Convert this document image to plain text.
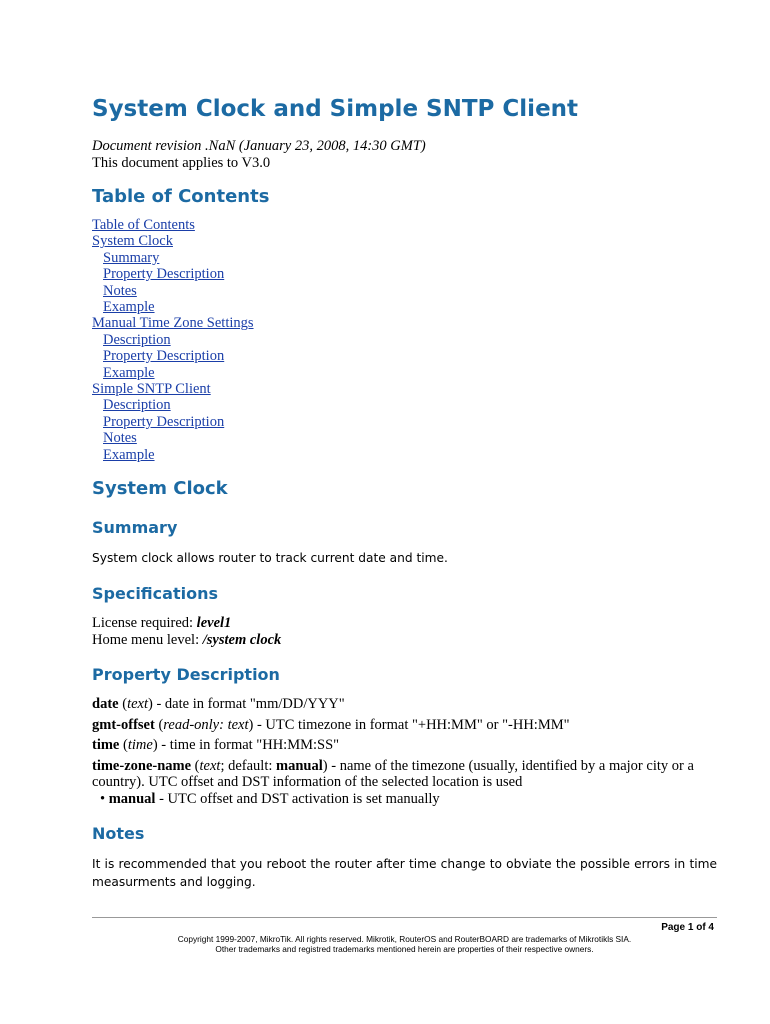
System Clock and Simple SNTP Client
Document revision .NaN (January 23, 2008, 14:30 GMT)
This document applies to V3.0
Table of Contents
Table of Contents
System Clock
Summary
Property Description
Notes
Example
Manual Time Zone Settings
Description
Property Description
Example
Simple SNTP Client
Description
Property Description
Notes
Example
System Clock
Summary
System clock allows router to track current date and time.
Specifications
License required: level1
Home menu level: /system clock
Property Description
date (text) - date in format "mm/DD/YYY"
gmt-offset (read-only: text) - UTC timezone in format "+HH:MM" or "-HH:MM"
time (time) - time in format "HH:MM:SS"
time-zone-name (text; default: manual) - name of the timezone (usually, identified by a major city or a country). UTC offset and DST information of the selected location is used
• manual - UTC offset and DST activation is set manually
Notes
It is recommended that you reboot the router after time change to obviate the possible errors in time measurments and logging.
Page 1 of 4
Copyright 1999-2007, MikroTik. All rights reserved. Mikrotik, RouterOS and RouterBOARD are trademarks of Mikrotikls SIA.
Other trademarks and registred trademarks mentioned herein are properties of their respective owners.
